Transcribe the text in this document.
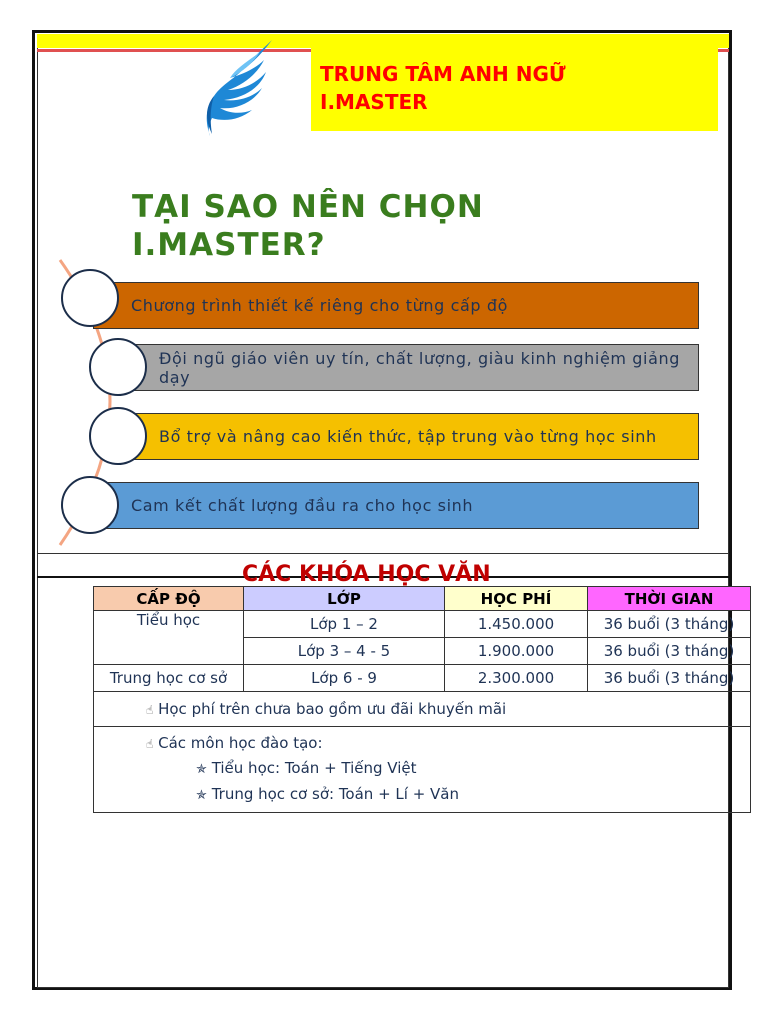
TRUNG TÂM ANH NGỮ
I.MASTER
TẠI SAO NÊN CHỌN I.MASTER?
Chương trình thiết kế riêng cho từng cấp độ
Đội ngũ giáo viên uy tín, chất lượng, giàu kinh nghiệm giảng dạy
Bổ trợ và nâng cao kiến thức, tập trung vào từng học sinh
Cam kết chất lượng đầu ra cho học sinh
CÁC KHÓA HỌC VĂN
CẤP ĐỘ	LỚP	HỌC PHÍ	THỜI GIAN
Tiểu học	Lớp 1 – 2	1.450.000	36 buổi (3 tháng)
	Lớp 3 – 4 - 5	1.900.000	36 buổi (3 tháng)
Trung học cơ sở	Lớp 6 - 9	2.300.000	36 buổi (3 tháng)

☝ Học phí trên chưa bao gồm ưu đãi khuyến mãi			

☝ Các môn học đào tạo:
✯ Tiểu học: Toán + Tiếng Việt
✯ Trung học cơ sở: Toán + Lí + Văn			
